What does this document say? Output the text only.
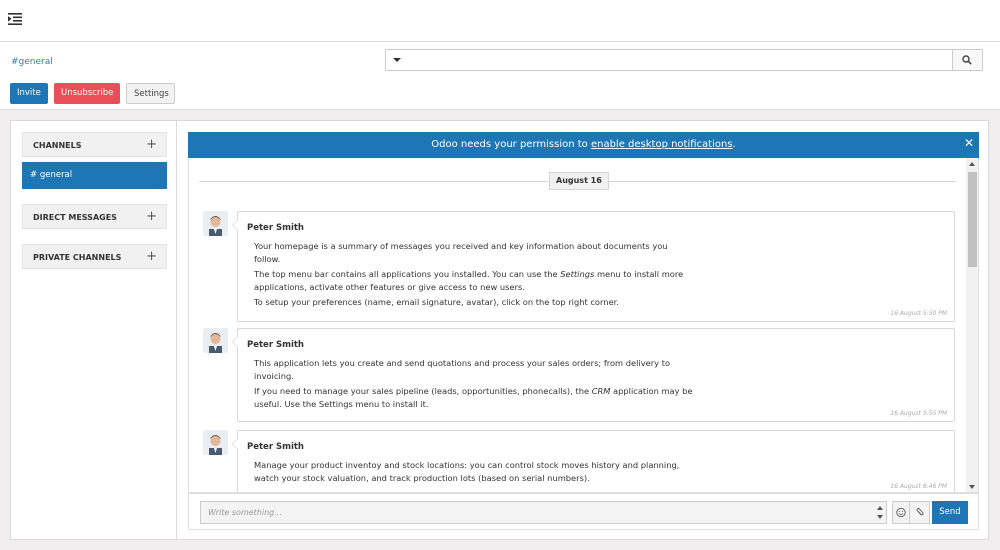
#general
Invite	Unsubscribe	Settings
CHANNELS	+
# general
DIRECT MESSAGES +
PRIVATE CHANNELS +
Odoo needs your permission to enable desktop notifications.	✕
August 16
Peter Smith

Your homepage is a summary of messages you received and key information about documents you follow.

The top menu bar contains all applications you installed. You can use the Settings menu to install more applications, activate other features or give access to new users.

To setup your preferences (name, email signature, avatar), click on the top right corner.

16 August 5:50 PM
Peter Smith

This application lets you create and send quotations and process your sales orders; from delivery to invoicing.

If you need to manage your sales pipeline (leads, opportunities, phonecalls), the CRM application may be useful. Use the Settings menu to install it.

16 August 5:55 PM
Peter Smith

Manage your product inventoy and stock locations: you can control stock moves history and planning, watch your stock valuation, and track production lots (based on serial numbers).

16 August 6:46 PM
Write something...	Send
